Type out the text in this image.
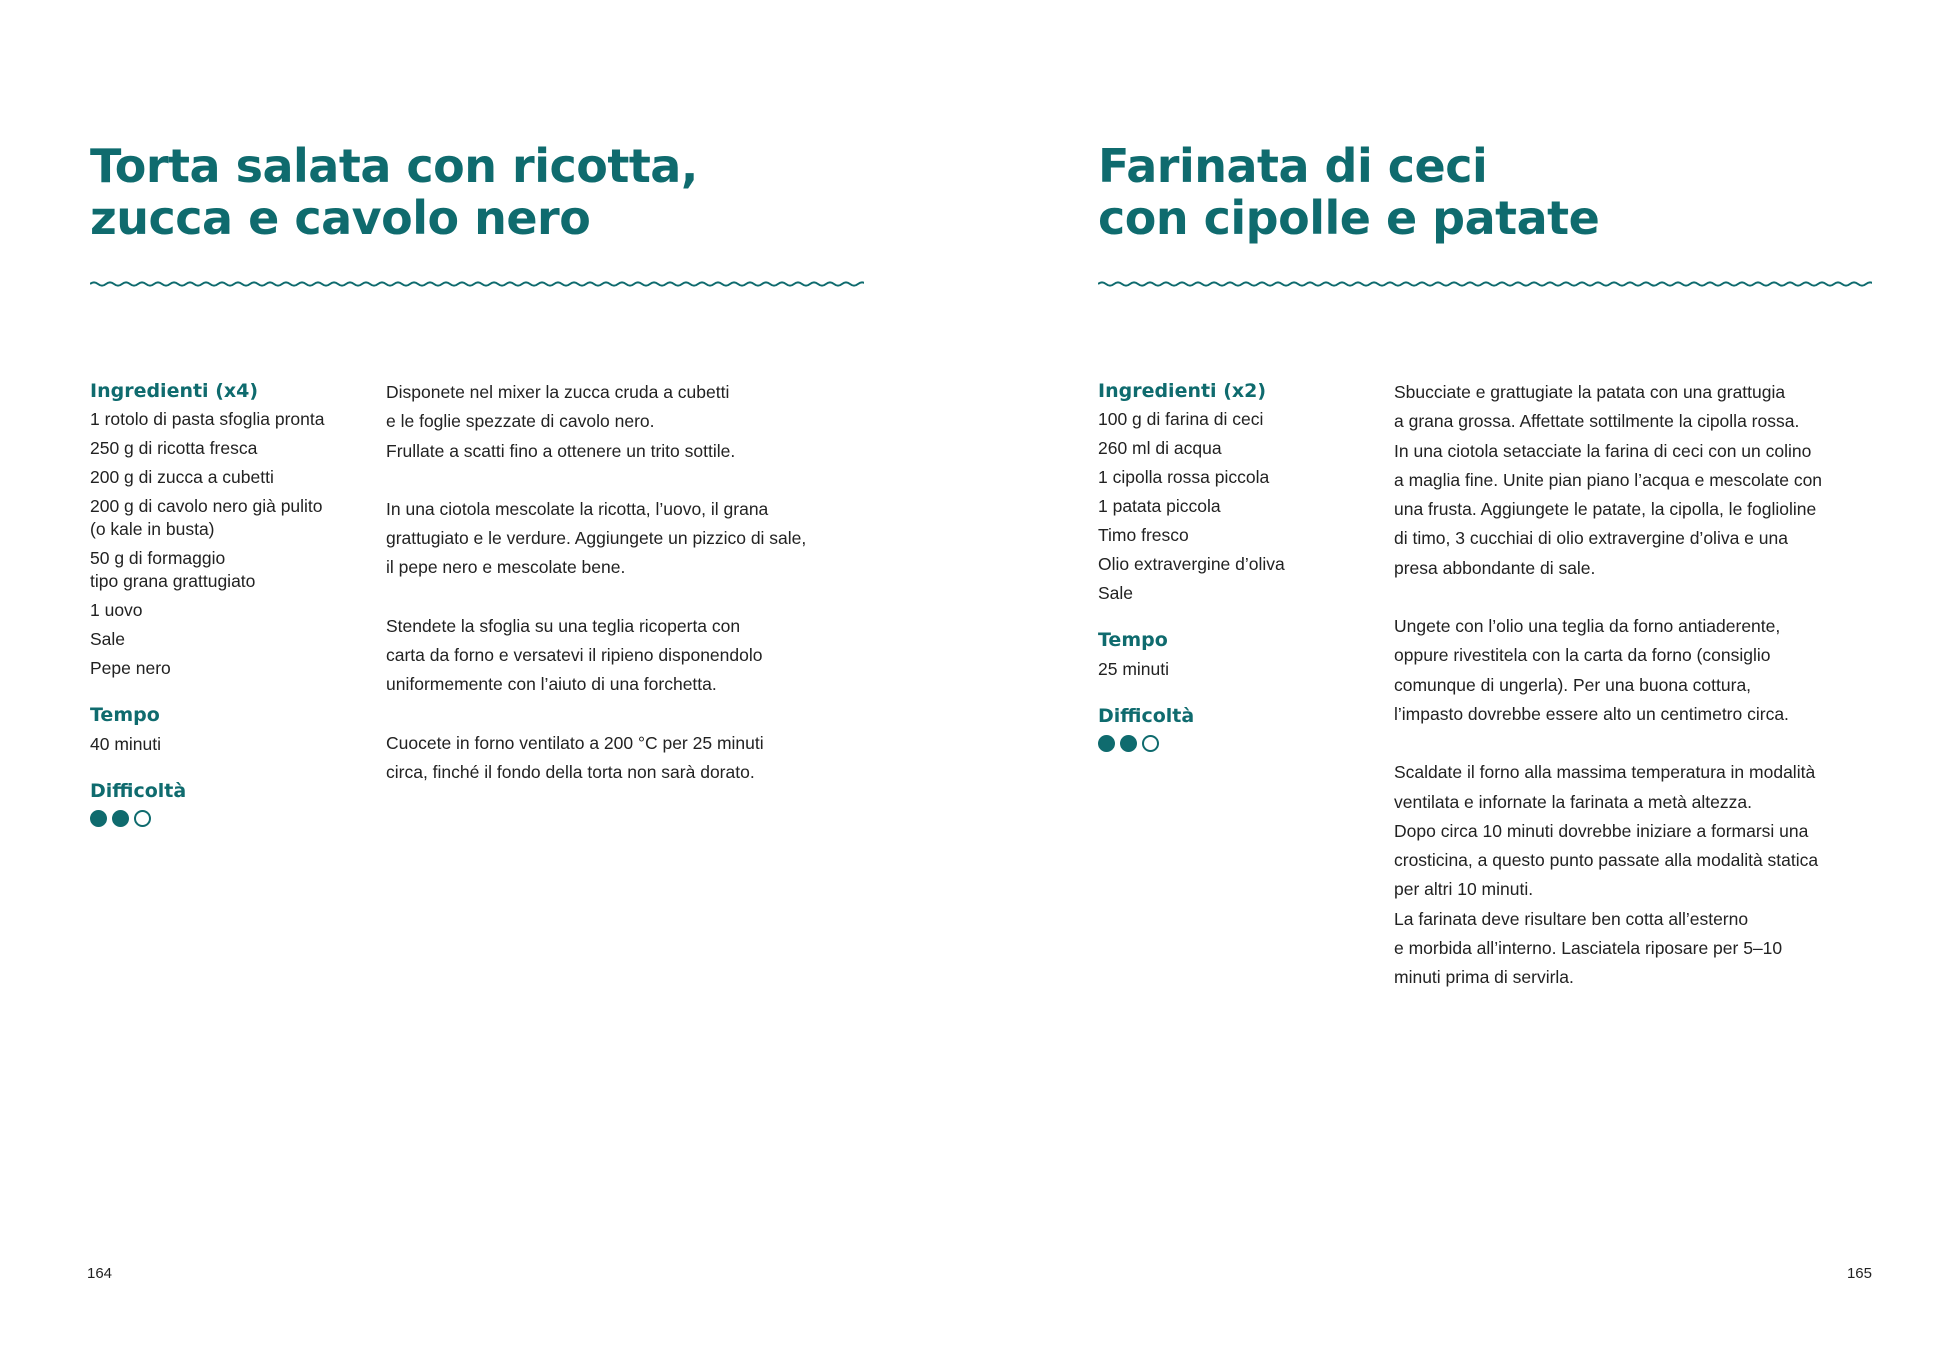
Torta salata con ricotta,
zucca e cavolo nero
Ingredienti (x4)
1 rotolo di pasta sfoglia pronta
250 g di ricotta fresca
200 g di zucca a cubetti
200 g di cavolo nero già pulito
(o kale in busta)
50 g di formaggio
tipo grana grattugiato
1 uovo
Sale
Pepe nero
Tempo
40 minuti
Difficoltà

Disponete nel mixer la zucca cruda a cubetti
e le foglie spezzate di cavolo nero.
Frullate a scatti fino a ottenere un trito sottile.

In una ciotola mescolate la ricotta, l’uovo, il grana
grattugiato e le verdure. Aggiungete un pizzico di sale,
il pepe nero e mescolate bene.

Stendete la sfoglia su una teglia ricoperta con
carta da forno e versatevi il ripieno disponendolo
uniformemente con l’aiuto di una forchetta.

Cuocete in forno ventilato a 200 °C per 25 minuti
circa, finché il fondo della torta non sarà dorato.

164
Farinata di ceci
con cipolle e patate
Ingredienti (x2)
100 g di farina di ceci
260 ml di acqua
1 cipolla rossa piccola
1 patata piccola
Timo fresco
Olio extravergine d’oliva
Sale
Tempo
25 minuti
Difficoltà

Sbucciate e grattugiate la patata con una grattugia
a grana grossa. Affettate sottilmente la cipolla rossa.
In una ciotola setacciate la farina di ceci con un colino
a maglia fine. Unite pian piano l’acqua e mescolate con
una frusta. Aggiungete le patate, la cipolla, le foglioline
di timo, 3 cucchiai di olio extravergine d’oliva e una
presa abbondante di sale.

Ungete con l’olio una teglia da forno antiaderente,
oppure rivestitela con la carta da forno (consiglio
comunque di ungerla). Per una buona cottura,
l’impasto dovrebbe essere alto un centimetro circa.

Scaldate il forno alla massima temperatura in modalità
ventilata e infornate la farinata a metà altezza.
Dopo circa 10 minuti dovrebbe iniziare a formarsi una
crosticina, a questo punto passate alla modalità statica
per altri 10 minuti.
La farinata deve risultare ben cotta all’esterno
e morbida all’interno. Lasciatela riposare per 5–10
minuti prima di servirla.

165
